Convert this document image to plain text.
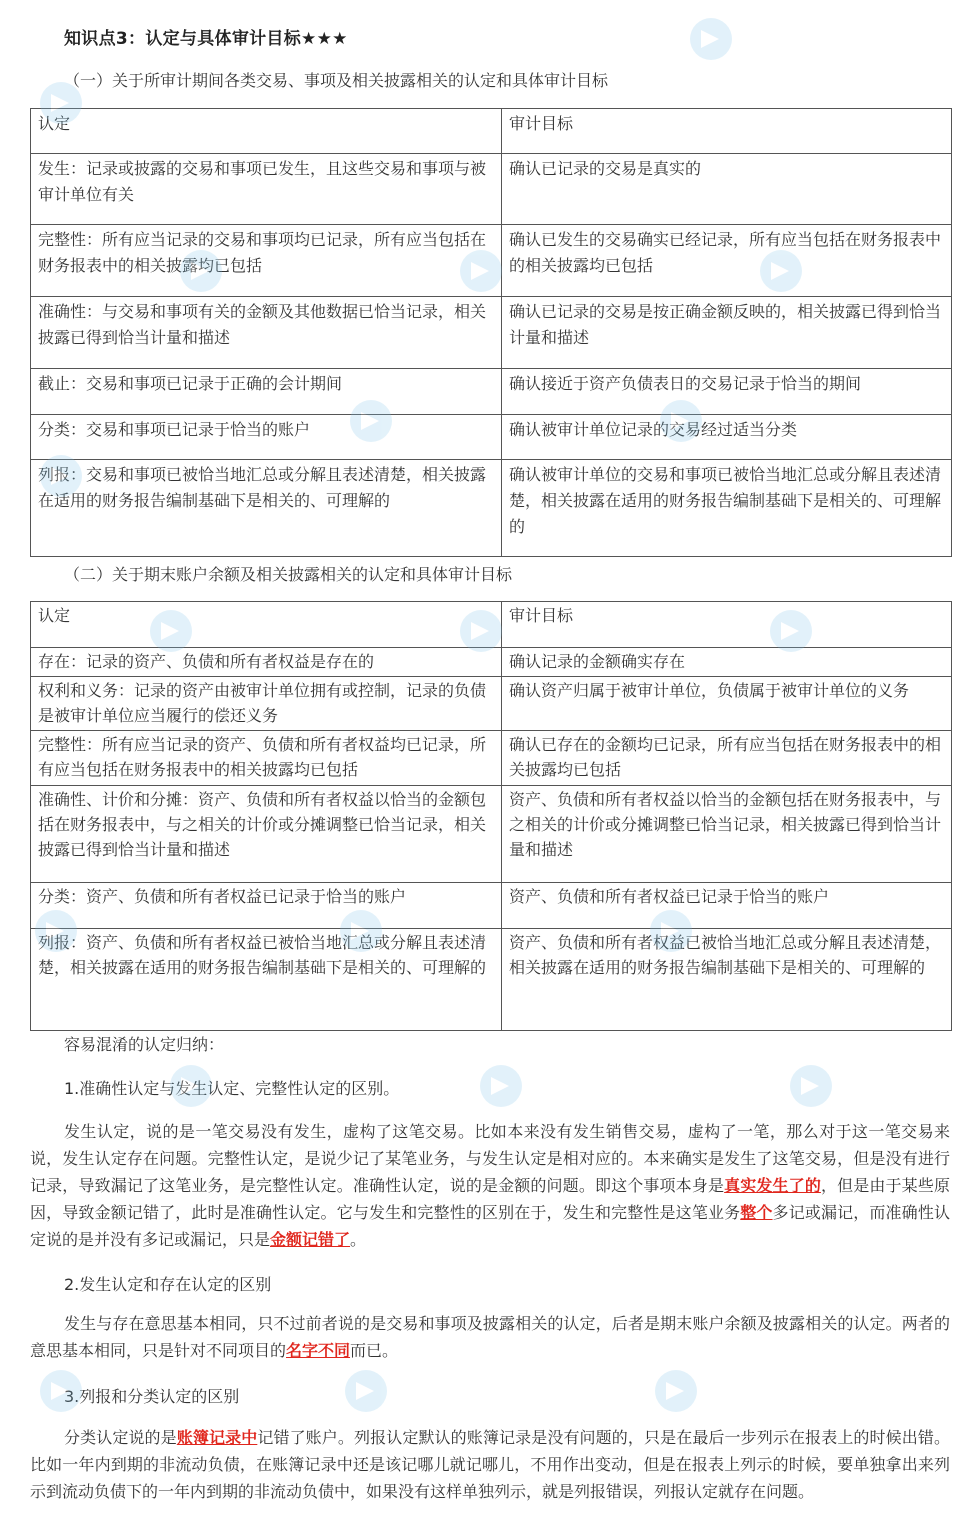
知识点3：认定与具体审计目标★★★
（一）关于所审计期间各类交易、事项及相关披露相关的认定和具体审计目标
认定	审计目标
发生：记录或披露的交易和事项已发生，且这些交易和事项与被审计单位有关	确认已记录的交易是真实的
完整性：所有应当记录的交易和事项均已记录，所有应当包括在财务报表中的相关披露均已包括	确认已发生的交易确实已经记录，所有应当包括在财务报表中的相关披露均已包括
准确性：与交易和事项有关的金额及其他数据已恰当记录，相关披露已得到恰当计量和描述	确认已记录的交易是按正确金额反映的，相关披露已得到恰当计量和描述
截止：交易和事项已记录于正确的会计期间	确认接近于资产负债表日的交易记录于恰当的期间
分类：交易和事项已记录于恰当的账户	确认被审计单位记录的交易经过适当分类
列报：交易和事项已被恰当地汇总或分解且表述清楚，相关披露在适用的财务报告编制基础下是相关的、可理解的	确认被审计单位的交易和事项已被恰当地汇总或分解且表述清楚，相关披露在适用的财务报告编制基础下是相关的、可理解的
（二）关于期末账户余额及相关披露相关的认定和具体审计目标
认定	审计目标
存在：记录的资产、负债和所有者权益是存在的	确认记录的金额确实存在
权利和义务：记录的资产由被审计单位拥有或控制，记录的负债是被审计单位应当履行的偿还义务	确认资产归属于被审计单位，负债属于被审计单位的义务
完整性：所有应当记录的资产、负债和所有者权益均已记录，所有应当包括在财务报表中的相关披露均已包括	确认已存在的金额均已记录，所有应当包括在财务报表中的相关披露均已包括
准确性、计价和分摊：资产、负债和所有者权益以恰当的金额包括在财务报表中，与之相关的计价或分摊调整已恰当记录，相关披露已得到恰当计量和描述	资产、负债和所有者权益以恰当的金额包括在财务报表中，与之相关的计价或分摊调整已恰当记录，相关披露已得到恰当计量和描述
分类：资产、负债和所有者权益已记录于恰当的账户	资产、负债和所有者权益已记录于恰当的账户
列报：资产、负债和所有者权益已被恰当地汇总或分解且表述清楚，相关披露在适用的财务报告编制基础下是相关的、可理解的	资产、负债和所有者权益已被恰当地汇总或分解且表述清楚，相关披露在适用的财务报告编制基础下是相关的、可理解的
容易混淆的认定归纳：
1.准确性认定与发生认定、完整性认定的区别。

发生认定，说的是一笔交易没有发生，虚构了这笔交易。比如本来没有发生销售交易，虚构了一笔，那么对于这一笔交易来说，发生认定存在问题。完整性认定，是说少记了某笔业务，与发生认定是相对应的。本来确实是发生了这笔交易，但是没有进行记录，导致漏记了这笔业务，是完整性认定。准确性认定，说的是金额的问题。即这个事项本身是真实发生了的，但是由于某些原因，导致金额记错了，此时是准确性认定。它与发生和完整性的区别在于，发生和完整性是这笔业务整个多记或漏记，而准确性认定说的是并没有多记或漏记，只是金额记错了。

2.发生认定和存在认定的区别

发生与存在意思基本相同，只不过前者说的是交易和事项及披露相关的认定，后者是期末账户余额及披露相关的认定。两者的意思基本相同，只是针对不同项目的名字不同而已。

3.列报和分类认定的区别

分类认定说的是账簿记录中记错了账户。列报认定默认的账簿记录是没有问题的，只是在最后一步列示在报表上的时候出错。比如一年内到期的非流动负债，在账簿记录中还是该记哪儿就记哪儿，不用作出变动，但是在报表上列示的时候，要单独拿出来列示到流动负债下的一年内到期的非流动负债中，如果没有这样单独列示，就是列报错误，列报认定就存在问题。
